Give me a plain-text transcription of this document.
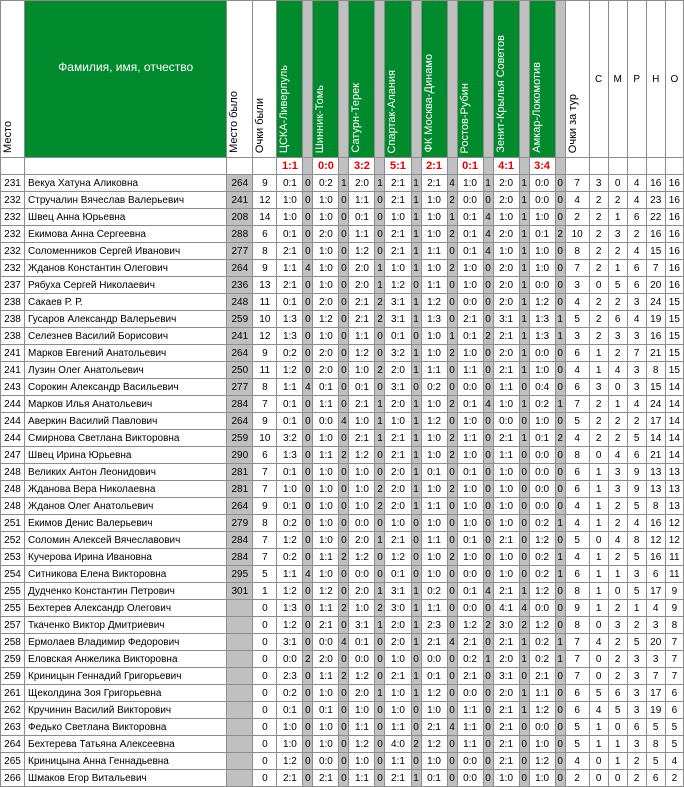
Место	Фамилия, имя, отчество	Место было	Очки были	ЦСКА-Ливерпуль		Шинник-Томь		Сатурн-Терек		Спартак-Алания		ФК Москва-Динамо		Ростов-Рубин		Зенит-Крылья Советов		Амкар-Локомотив		Очки за тур	С	М	Р	Н	О
				1:1		0:0		3:2		5:1		2:1		0:1		4:1		3:4							
231	Векуа Хатуна Аликовна	264	9	0:1	0	0:2	1	2:0	1	2:1	1	2:1	4	1:0	1	2:0	1	0:0	0	7	3	0	4	16	16
232	Стручалин Вячеслав Валерьевич	241	12	1:0	0	1:0	0	1:1	0	2:1	1	1:0	2	0:0	0	2:0	1	0:0	0	4	2	2	4	23	16
232	Швец Анна Юрьевна	208	14	1:0	0	1:0	0	0:1	0	1:0	1	1:0	1	0:1	4	1:0	1	1:0	0	2	2	1	6	22	16
232	Екимова Анна Сергеевна	288	6	0:1	0	2:0	0	1:1	0	2:1	1	1:0	2	0:1	4	2:0	1	0:1	2	10	2	3	2	16	16
232	Соломенников Сергей Иванович	277	8	2:1	0	1:0	0	1:2	0	2:1	1	1:1	0	0:1	4	1:0	1	1:0	0	8	2	2	4	15	16
232	Жданов Константин Олегович	264	9	1:1	4	1:0	0	2:0	1	1:0	1	1:0	2	1:0	0	2:0	1	1:0	0	7	2	1	6	7	16
237	Рябуха Сергей Николаевич	236	13	2:1	0	1:0	0	2:0	1	1:2	0	1:1	0	1:0	0	2:0	1	0:0	0	3	0	5	6	20	16
238	Сакаев Р. Р.	248	11	0:1	0	2:0	0	2:1	2	3:1	1	1:2	0	0:0	0	2:0	1	1:2	0	4	2	2	3	24	15
238	Гусаров Александр Валерьевич	259	10	1:3	0	1:2	0	2:1	2	3:1	1	1:3	0	2:1	0	3:1	1	1:3	1	5	2	6	4	19	15
238	Селезнев Василий Борисович	241	12	1:3	0	1:0	0	1:1	0	0:1	0	1:0	1	0:1	2	2:1	1	1:3	1	3	2	3	3	16	15
241	Марков Евгений Анатольевич	264	9	0:2	0	2:0	0	1:2	0	3:2	1	1:0	2	1:0	0	2:0	1	0:0	0	6	1	2	7	21	15
241	Лузин Олег Анатольевич	250	11	1:2	0	2:0	0	1:0	2	2:0	1	1:1	0	1:1	0	2:1	1	1:0	0	4	1	4	3	8	15
243	Сорокин Александр Васильевич	277	8	1:1	4	0:1	0	0:1	0	3:1	0	0:2	0	0:0	0	1:1	0	0:4	0	6	3	0	3	15	14
244	Марков Илья Анатольевич	284	7	0:1	0	1:1	0	2:1	1	2:0	1	1:0	2	0:1	4	1:0	1	0:2	1	7	2	1	4	24	14
244	Аверкин Василий Павлович	264	9	0:1	0	0:0	4	1:0	1	1:0	1	1:2	0	1:0	0	0:0	0	1:0	0	5	2	2	2	17	14
244	Смирнова Светлана Викторовна	259	10	3:2	0	1:0	0	2:1	1	2:1	1	1:0	2	1:1	0	2:1	1	0:1	2	4	2	2	5	14	14
247	Швец Ирина Юрьевна	290	6	1:3	0	1:1	2	1:2	0	2:1	1	1:0	2	1:0	0	1:1	0	0:0	0	8	0	4	6	21	14
248	Великих Антон Леонидович	281	7	0:1	0	1:0	0	1:0	0	2:0	1	0:1	0	0:1	0	1:0	0	0:0	0	6	1	3	9	13	13
248	Жданова Вера Николаевна	281	7	1:0	0	1:0	0	1:0	2	2:0	1	1:0	2	1:0	0	1:0	0	0:0	0	6	1	3	9	13	13
248	Жданов Олег Анатольевич	264	9	0:1	0	1:0	0	1:0	2	2:0	1	1:1	0	1:0	0	1:0	0	0:0	0	4	1	2	5	8	13
251	Екимов Денис Валерьевич	279	8	0:2	0	1:0	0	0:0	0	1:0	0	1:0	0	1:0	0	1:0	0	0:2	1	4	1	2	4	16	12
252	Соломин Алексей Вячеславович	284	7	1:2	0	1:0	0	2:0	1	2:1	0	1:1	0	0:1	0	2:1	0	1:2	0	5	0	4	8	12	12
253	Кучерова Ирина Ивановна	284	7	0:2	0	1:1	2	1:2	0	1:2	0	1:0	2	1:0	0	1:0	0	0:2	1	4	1	2	5	16	11
254	Ситникова Елена Викторовна	295	5	1:1	4	1:0	0	0:0	0	0:1	0	1:0	0	0:0	0	1:0	0	0:2	1	6	1	1	3	6	11
255	Дудченко Константин Петрович	301	1	1:2	0	1:2	0	2:0	1	3:1	1	0:2	0	0:1	4	2:1	1	1:2	0	8	1	0	5	17	9
255	Бехтерев Александр Олегович		0	1:3	0	1:1	2	1:0	2	3:0	1	1:1	0	0:0	0	4:1	4	0:0	0	9	1	2	1	4	9
257	Ткаченко Виктор Дмитриевич		0	1:2	0	2:1	0	3:1	1	2:0	1	2:3	0	1:2	2	3:0	2	1:2	0	8	0	3	2	3	8
258	Ермолаев Владимир Федорович		0	3:1	0	0:0	4	0:1	0	2:0	1	2:1	4	2:1	0	2:1	1	0:2	1	7	4	2	5	20	7
259	Еловская Анжелика Викторовна		0	0:0	2	2:0	0	0:0	0	1:0	0	0:0	0	0:2	1	2:0	1	0:2	1	7	0	2	3	3	7
259	Криницын Геннадий Григорьевич		0	2:3	0	1:1	2	1:2	0	2:1	1	0:1	0	2:1	0	3:1	0	2:1	0	7	0	2	3	7	7
261	Щеколдина Зоя Григорьевна		0	0:2	0	1:0	0	2:0	1	1:0	1	1:2	0	0:0	0	2:0	1	1:1	0	6	5	6	3	17	6
262	Кручинин Василий Викторович		0	0:1	0	0:1	0	1:0	0	1:0	0	1:0	0	1:1	0	2:1	1	1:2	0	6	4	5	3	19	6
263	Федько Светлана Викторовна		0	1:0	0	1:0	0	1:1	0	1:1	0	2:1	4	1:1	0	2:1	0	0:0	0	5	1	0	6	5	5
264	Бехтерева Татьяна Алексеевна		0	1:0	0	1:0	0	1:2	0	4:0	2	1:2	0	1:1	0	2:1	0	1:0	0	5	1	1	3	8	5
265	Криницына Анна Геннадьевна		0	1:2	0	0:0	0	1:0	0	1:1	0	1:0	0	0:0	0	2:1	0	1:2	0	4	0	1	2	5	4
266	Шмаков Егор Витальевич		0	2:1	0	2:1	0	1:1	0	2:1	1	0:1	0	0:0	0	1:0	0	1:0	0	2	0	0	2	6	2
